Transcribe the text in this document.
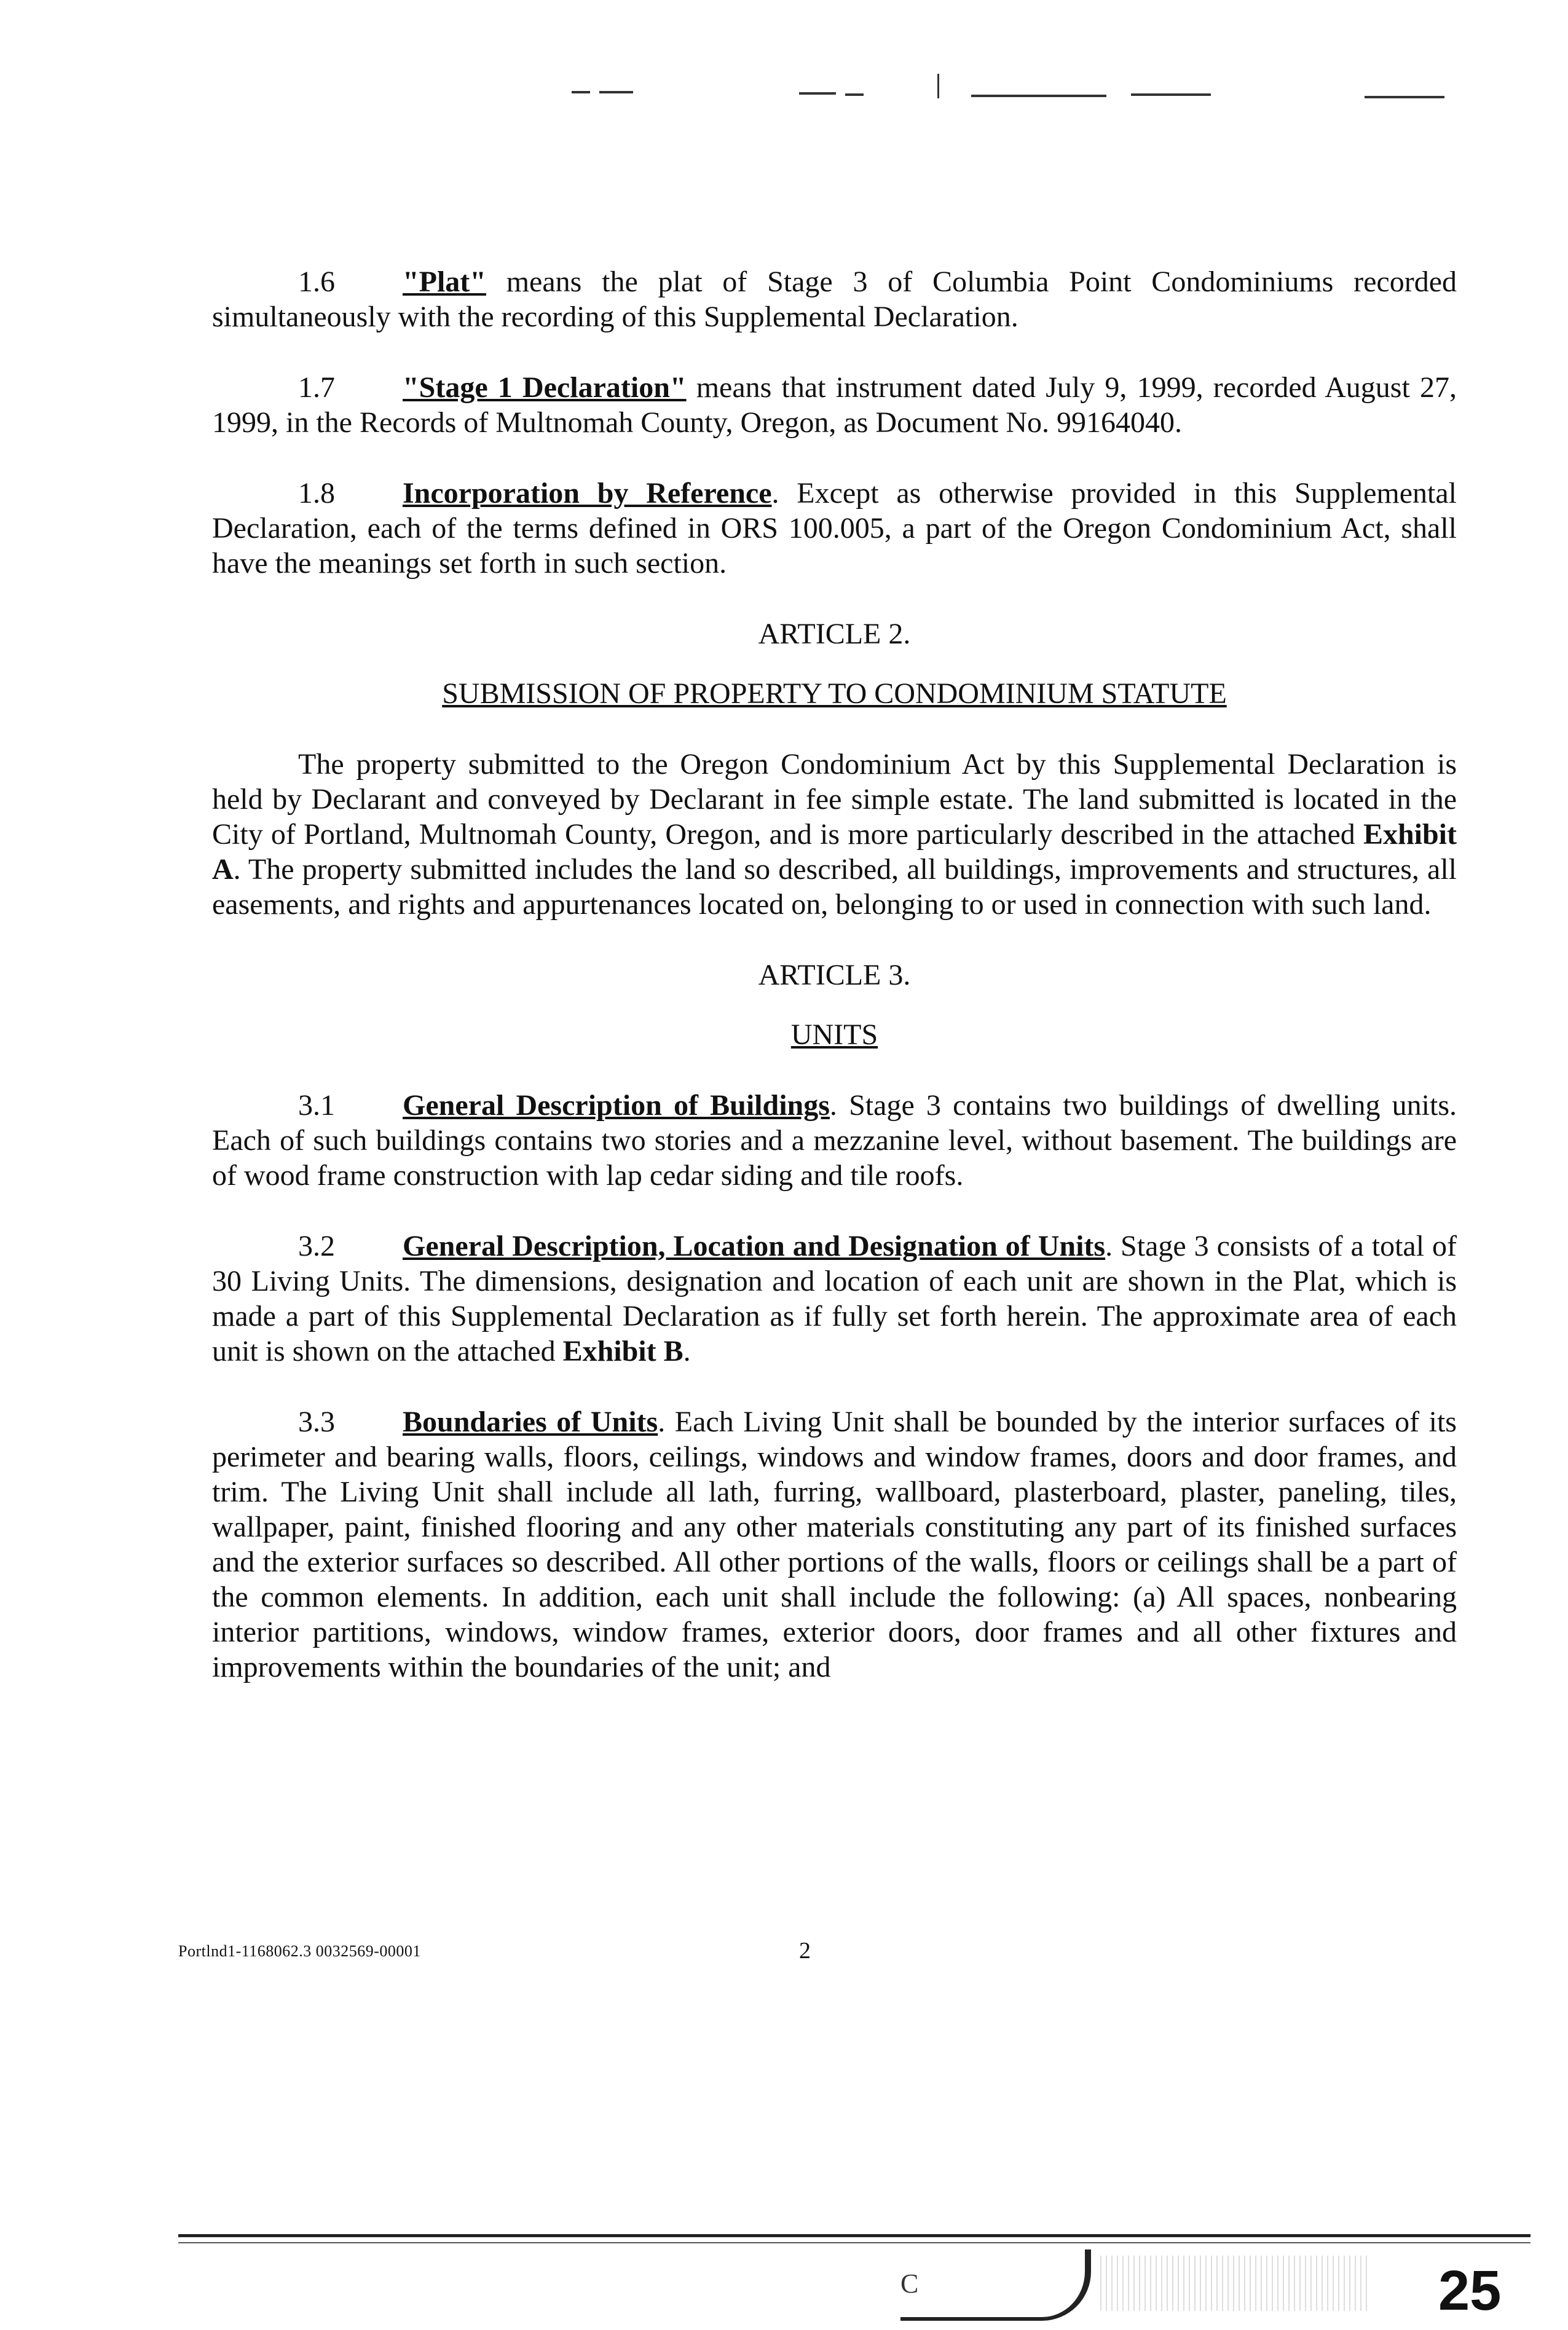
1.6 "Plat" means the plat of Stage 3 of Columbia Point Condominiums recorded simultaneously with the recording of this Supplemental Declaration.

1.7 "Stage 1 Declaration" means that instrument dated July 9, 1999, recorded August 27, 1999, in the Records of Multnomah County, Oregon, as Document No. 99164040.

1.8 Incorporation by Reference. Except as otherwise provided in this Supplemental Declaration, each of the terms defined in ORS 100.005, a part of the Oregon Condominium Act, shall have the meanings set forth in such section.

ARTICLE 2.
SUBMISSION OF PROPERTY TO CONDOMINIUM STATUTE

The property submitted to the Oregon Condominium Act by this Supplemental Declaration is held by Declarant and conveyed by Declarant in fee simple estate. The land submitted is located in the City of Portland, Multnomah County, Oregon, and is more particularly described in the attached Exhibit A. The property submitted includes the land so described, all buildings, improvements and structures, all easements, and rights and appurtenances located on, belonging to or used in connection with such land.

ARTICLE 3.
UNITS

3.1 General Description of Buildings. Stage 3 contains two buildings of dwelling units. Each of such buildings contains two stories and a mezzanine level, without basement. The buildings are of wood frame construction with lap cedar siding and tile roofs.

3.2 General Description, Location and Designation of Units. Stage 3 consists of a total of 30 Living Units. The dimensions, designation and location of each unit are shown in the Plat, which is made a part of this Supplemental Declaration as if fully set forth herein. The approximate area of each unit is shown on the attached Exhibit B.

3.3 Boundaries of Units. Each Living Unit shall be bounded by the interior surfaces of its perimeter and bearing walls, floors, ceilings, windows and window frames, doors and door frames, and trim. The Living Unit shall include all lath, furring, wallboard, plasterboard, plaster, paneling, tiles, wallpaper, paint, finished flooring and any other materials constituting any part of its finished surfaces and the exterior surfaces so described. All other portions of the walls, floors or ceilings shall be a part of the common elements. In addition, each unit shall include the following: (a) All spaces, nonbearing interior partitions, windows, window frames, exterior doors, door frames and all other fixtures and improvements within the boundaries of the unit; and

Portlnd1-1168062.3 0032569-00001	2
C	25
